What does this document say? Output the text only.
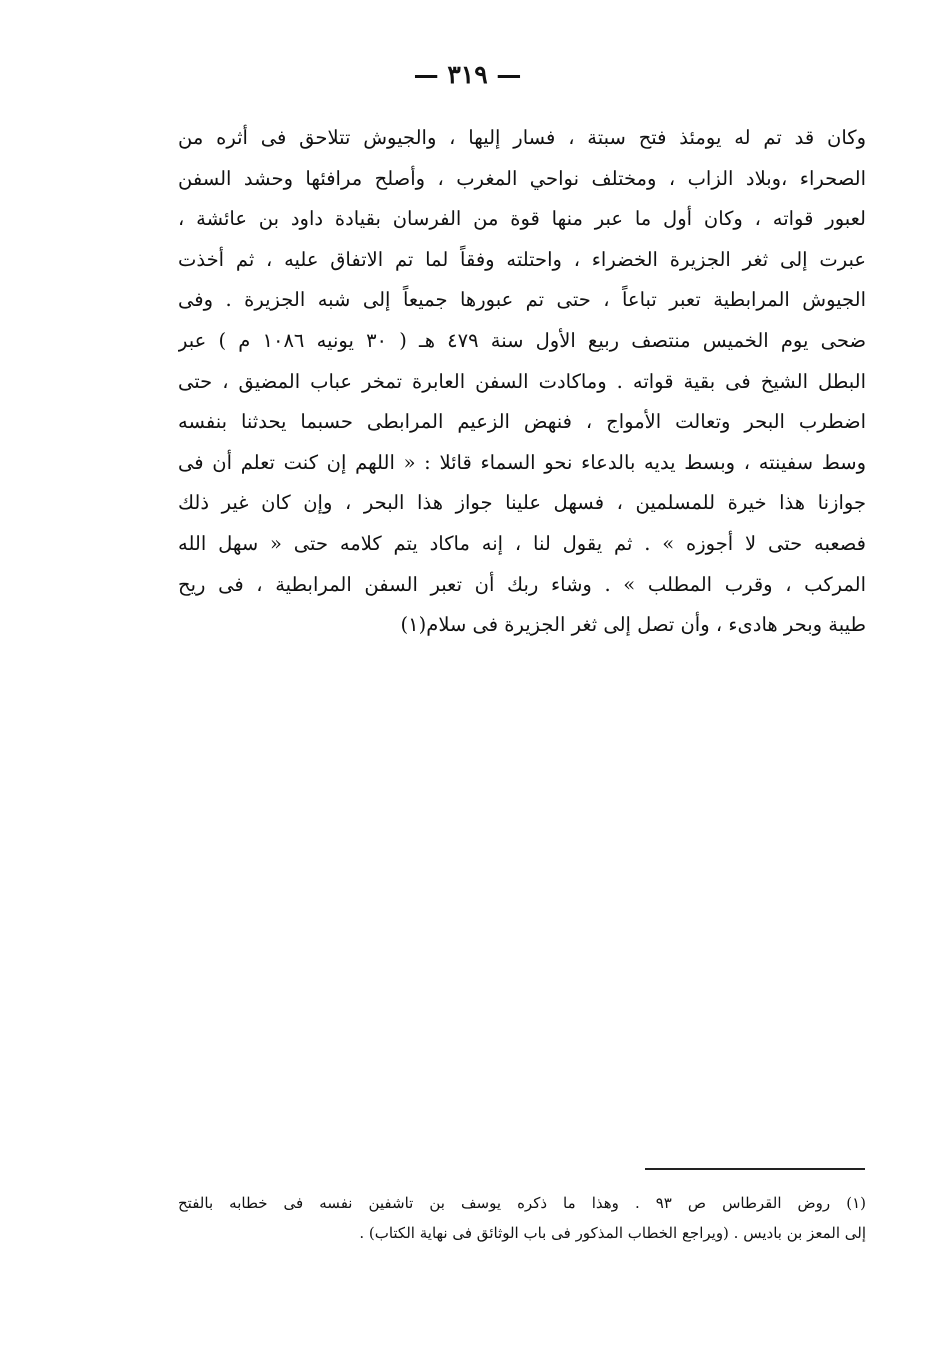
— ٣١٩ —
وكان قد تم له يومئذ فتح سبتة ، فسار إليها ، والجيوش تتلاحق فى أثره من
الصحراء ،وبلاد الزاب ، ومختلف نواحي المغرب ، وأصلح مرافئها وحشد السفن
لعبور قواته ، وكان أول ما عبر منها قوة من الفرسان بقيادة داود بن عائشة ،
عبرت إلى ثغر الجزيرة الخضراء ، واحتلته وفقاً لما تم الاتفاق عليه ، ثم أخذت
الجيوش المرابطية تعبر تباعاً ، حتى تم عبورها جميعاً إلى شبه الجزيرة . وفى
ضحى يوم الخميس منتصف ربيع الأول سنة ٤٧٩ هـ ( ٣٠ يونيه ١٠٨٦ م ) عبر
البطل الشيخ فى بقية قواته . وماكادت السفن العابرة تمخر عباب المضيق ، حتى
اضطرب البحر وتعالت الأمواج ، فنهض الزعيم المرابطى حسبما يحدثنا بنفسه
وسط سفينته ، وبسط يديه بالدعاء نحو السماء قائلا : « اللهم إن كنت تعلم أن فى
جوازنا هذا خيرة للمسلمين ، فسهل علينا جواز هذا البحر ، وإن كان غير ذلك
فصعبه حتى لا أجوزه » . ثم يقول لنا ، إنه ماكاد يتم كلامه حتى « سهل الله
المركب ، وقرب المطلب » . وشاء ربك أن تعبر السفن المرابطية ، فى ريح
طيبة وبحر هادىء ، وأن تصل إلى ثغر الجزيرة فى سلام(١)
(١) روض القرطاس ص ٩٣ . وهذا ما ذكره يوسف بن تاشفين نفسه فى خطابه بالفتح
إلى المعز بن باديس . (ويراجع الخطاب المذكور فى باب الوثائق فى نهاية الكتاب) .
